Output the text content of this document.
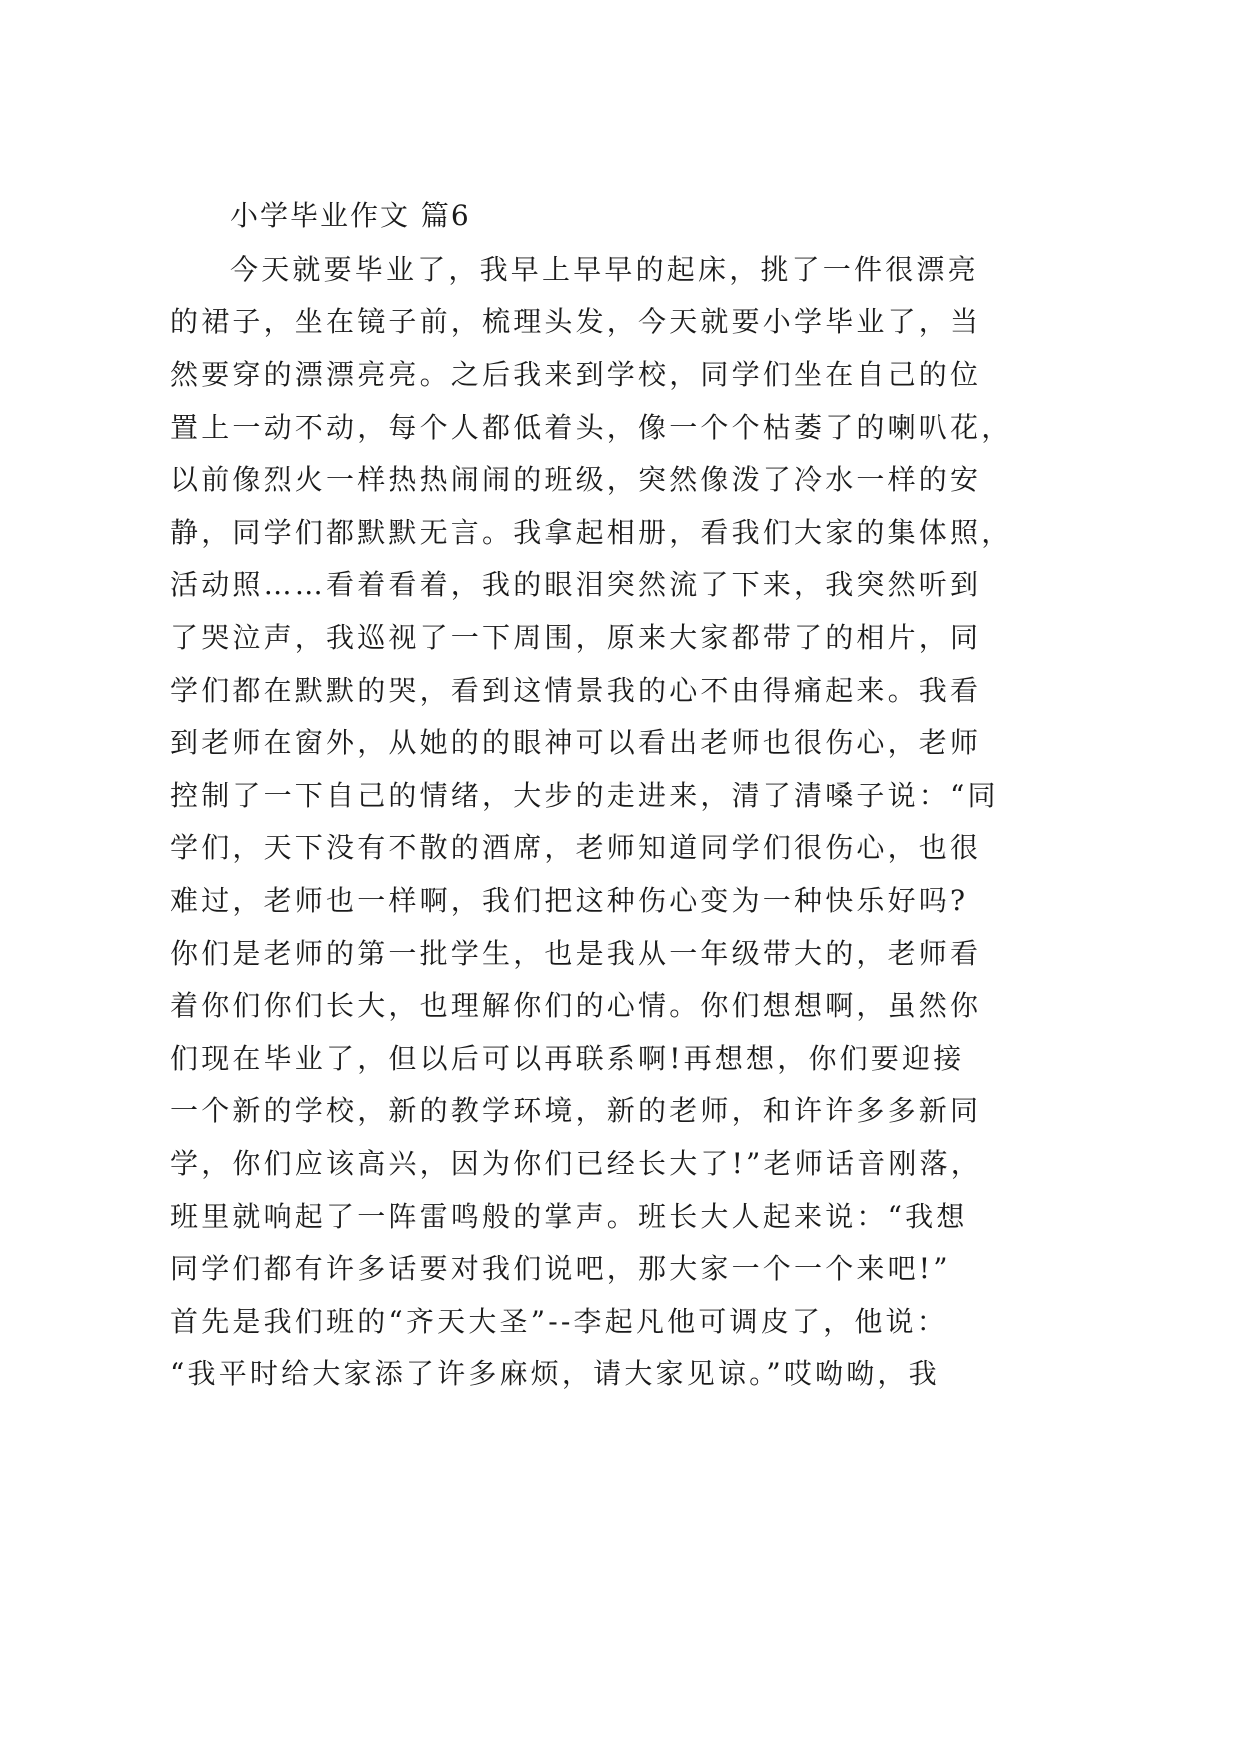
小学毕业作文 篇6
今天就要毕业了，我早上早早的起床，挑了一件很漂亮
的裙子，坐在镜子前，梳理头发，今天就要小学毕业了，当
然要穿的漂漂亮亮。之后我来到学校，同学们坐在自己的位
置上一动不动，每个人都低着头，像一个个枯萎了的喇叭花，
以前像烈火一样热热闹闹的班级，突然像泼了冷水一样的安
静，同学们都默默无言。我拿起相册，看我们大家的集体照，
活动照……看着看着，我的眼泪突然流了下来，我突然听到
了哭泣声，我巡视了一下周围，原来大家都带了的相片，同
学们都在默默的哭，看到这情景我的心不由得痛起来。我看
到老师在窗外，从她的的眼神可以看出老师也很伤心，老师
控制了一下自己的情绪，大步的走进来，清了清嗓子说：“同
学们，天下没有不散的酒席，老师知道同学们很伤心，也很
难过，老师也一样啊，我们把这种伤心变为一种快乐好吗?
你们是老师的第一批学生，也是我从一年级带大的，老师看
着你们你们长大，也理解你们的心情。你们想想啊，虽然你
们现在毕业了，但以后可以再联系啊!再想想，你们要迎接
一个新的学校，新的教学环境，新的老师，和许许多多新同
学，你们应该高兴，因为你们已经长大了!”老师话音刚落，
班里就响起了一阵雷鸣般的掌声。班长大人起来说：“我想
同学们都有许多话要对我们说吧，那大家一个一个来吧!”
首先是我们班的“齐天大圣”--李起凡他可调皮了，他说：
“我平时给大家添了许多麻烦，请大家见谅。”哎呦呦，我
